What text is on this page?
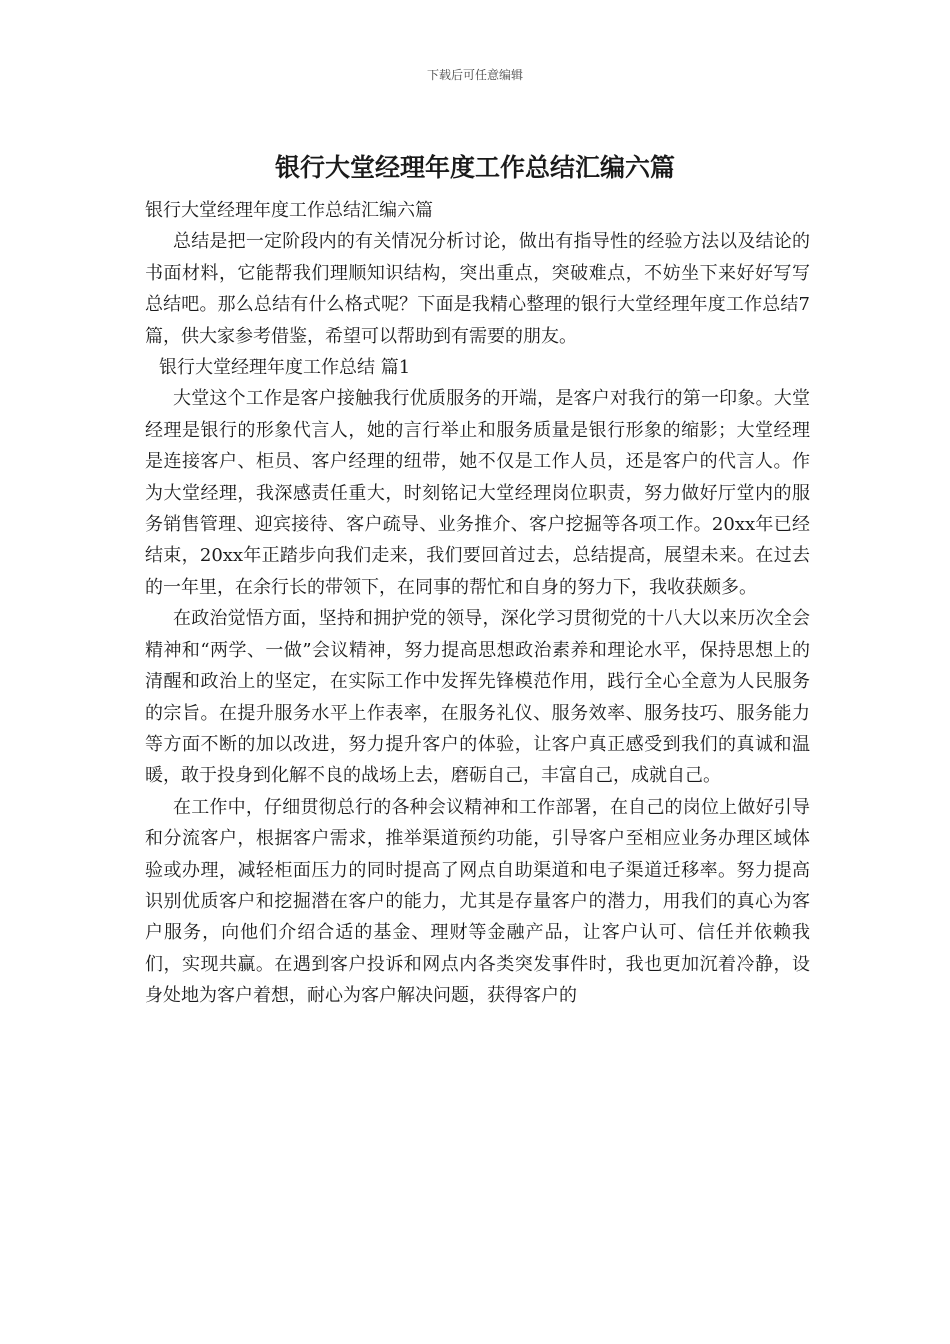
下载后可任意编辑
银行大堂经理年度工作总结汇编六篇

银行大堂经理年度工作总结汇编六篇

总结是把一定阶段内的有关情况分析讨论，做出有指导性的经验方法以及结论的书面材料，它能帮我们理顺知识结构，突出重点，突破难点，不妨坐下来好好写写总结吧。那么总结有什么格式呢？下面是我精心整理的银行大堂经理年度工作总结7篇，供大家参考借鉴，希望可以帮助到有需要的朋友。

银行大堂经理年度工作总结 篇1

大堂这个工作是客户接触我行优质服务的开端，是客户对我行的第一印象。大堂经理是银行的形象代言人，她的言行举止和服务质量是银行形象的缩影；大堂经理是连接客户、柜员、客户经理的纽带，她不仅是工作人员，还是客户的代言人。作为大堂经理，我深感责任重大，时刻铭记大堂经理岗位职责，努力做好厅堂内的服务销售管理、迎宾接待、客户疏导、业务推介、客户挖掘等各项工作。20xx年已经结束，20xx年正踏步向我们走来，我们要回首过去，总结提高，展望未来。在过去的一年里，在余行长的带领下，在同事的帮忙和自身的努力下，我收获颇多。

在政治觉悟方面，坚持和拥护党的领导，深化学习贯彻党的十八大以来历次全会精神和“两学、一做”会议精神，努力提高思想政治素养和理论水平，保持思想上的清醒和政治上的坚定，在实际工作中发挥先锋模范作用，践行全心全意为人民服务的宗旨。在提升服务水平上作表率，在服务礼仪、服务效率、服务技巧、服务能力等方面不断的加以改进，努力提升客户的体验，让客户真正感受到我们的真诚和温暖，敢于投身到化解不良的战场上去，磨砺自己，丰富自己，成就自己。

在工作中，仔细贯彻总行的各种会议精神和工作部署，在自己的岗位上做好引导和分流客户，根据客户需求，推举渠道预约功能，引导客户至相应业务办理区域体验或办理，减轻柜面压力的同时提高了网点自助渠道和电子渠道迁移率。努力提高识别优质客户和挖掘潜在客户的能力，尤其是存量客户的潜力，用我们的真心为客户服务，向他们介绍合适的基金、理财等金融产品，让客户认可、信任并依赖我们，实现共赢。在遇到客户投诉和网点内各类突发事件时，我也更加沉着冷静，设身处地为客户着想，耐心为客户解决问题，获得客户的
